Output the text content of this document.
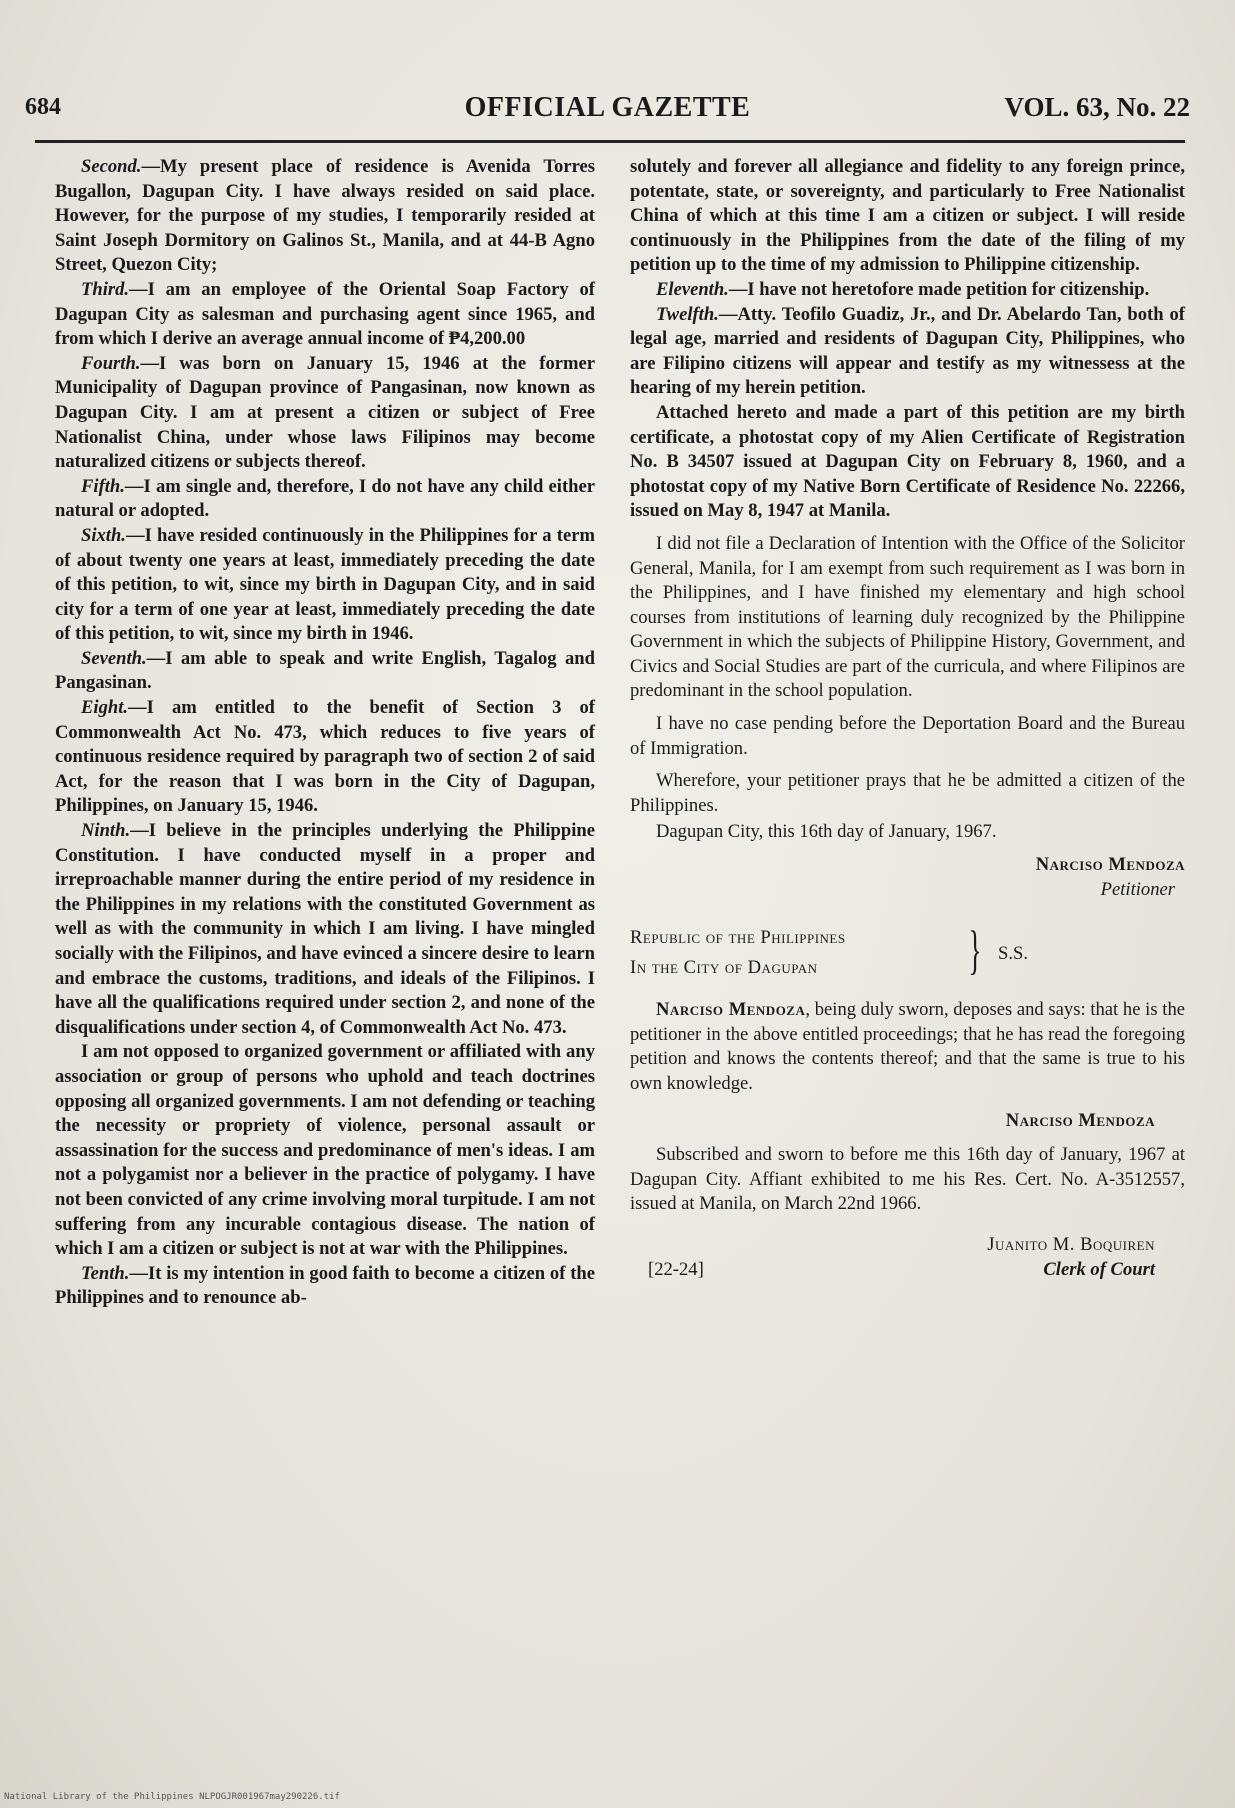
684	OFFICIAL GAZETTE	VOL. 63, No. 22

Second.—My present place of residence is Avenida Torres Bugallon, Dagupan City. I have always resided on said place. However, for the purpose of my studies, I temporarily resided at Saint Joseph Dormitory on Galinos St., Manila, and at 44-B Agno Street, Quezon City;

Third.—I am an employee of the Oriental Soap Factory of Dagupan City as salesman and purchasing agent since 1965, and from which I derive an average annual income of ₱4,200.00

Fourth.—I was born on January 15, 1946 at the former Municipality of Dagupan province of Pangasinan, now known as Dagupan City. I am at present a citizen or subject of Free Nationalist China, under whose laws Filipinos may become naturalized citizens or subjects thereof.

Fifth.—I am single and, therefore, I do not have any child either natural or adopted.

Sixth.—I have resided continuously in the Philippines for a term of about twenty one years at least, immediately preceding the date of this petition, to wit, since my birth in Dagupan City, and in said city for a term of one year at least, immediately preceding the date of this petition, to wit, since my birth in 1946.

Seventh.—I am able to speak and write English, Tagalog and Pangasinan.

Eight.—I am entitled to the benefit of Section 3 of Commonwealth Act No. 473, which reduces to five years of continuous residence required by paragraph two of section 2 of said Act, for the reason that I was born in the City of Dagupan, Philippines, on January 15, 1946.

Ninth.—I believe in the principles underlying the Philippine Constitution. I have conducted myself in a proper and irreproachable manner during the entire period of my residence in the Philippines in my relations with the constituted Government as well as with the community in which I am living. I have mingled socially with the Filipinos, and have evinced a sincere desire to learn and embrace the customs, traditions, and ideals of the Filipinos. I have all the qualifications required under section 2, and none of the disqualifications under section 4, of Commonwealth Act No. 473.

I am not opposed to organized government or affiliated with any association or group of persons who uphold and teach doctrines opposing all organized governments. I am not defending or teaching the necessity or propriety of violence, personal assault or assassination for the success and predominance of men's ideas. I am not a polygamist nor a believer in the practice of polygamy. I have not been convicted of any crime involving moral turpitude. I am not suffering from any incurable contagious disease. The nation of which I am a citizen or subject is not at war with the Philippines.

Tenth.—It is my intention in good faith to become a citizen of the Philippines and to renounce ab-

solutely and forever all allegiance and fidelity to any foreign prince, potentate, state, or sovereignty, and particularly to Free Nationalist China of which at this time I am a citizen or subject. I will reside continuously in the Philippines from the date of the filing of my petition up to the time of my admission to Philippine citizenship.

Eleventh.—I have not heretofore made petition for citizenship.

Twelfth.—Atty. Teofilo Guadiz, Jr., and Dr. Abelardo Tan, both of legal age, married and residents of Dagupan City, Philippines, who are Filipino citizens will appear and testify as my witnessess at the hearing of my herein petition.

Attached hereto and made a part of this petition are my birth certificate, a photostat copy of my Alien Certificate of Registration No. B 34507 issued at Dagupan City on February 8, 1960, and a photostat copy of my Native Born Certificate of Residence No. 22266, issued on May 8, 1947 at Manila.

I did not file a Declaration of Intention with the Office of the Solicitor General, Manila, for I am exempt from such requirement as I was born in the Philippines, and I have finished my elementary and high school courses from institutions of learning duly recognized by the Philippine Government in which the subjects of Philippine History, Government, and Civics and Social Studies are part of the curricula, and where Filipinos are predominant in the school population.

I have no case pending before the Deportation Board and the Bureau of Immigration.

Wherefore, your petitioner prays that he be admitted a citizen of the Philippines.

Dagupan City, this 16th day of January, 1967.

Narciso Mendoza
Petitioner
Republic of the Philippines
In the City of Dagupan	} S.S.

Narciso Mendoza, being duly sworn, deposes and says: that he is the petitioner in the above entitled proceedings; that he has read the foregoing petition and knows the contents thereof; and that the same is true to his own knowledge.

Narciso Mendoza

Subscribed and sworn to before me this 16th day of January, 1967 at Dagupan City. Affiant exhibited to me his Res. Cert. No. A-3512557, issued at Manila, on March 22nd 1966.

Juanito M. Boquiren
[22-24]	Clerk of Court
National Library of the Philippines NLPOGJR001967may290226.tif
